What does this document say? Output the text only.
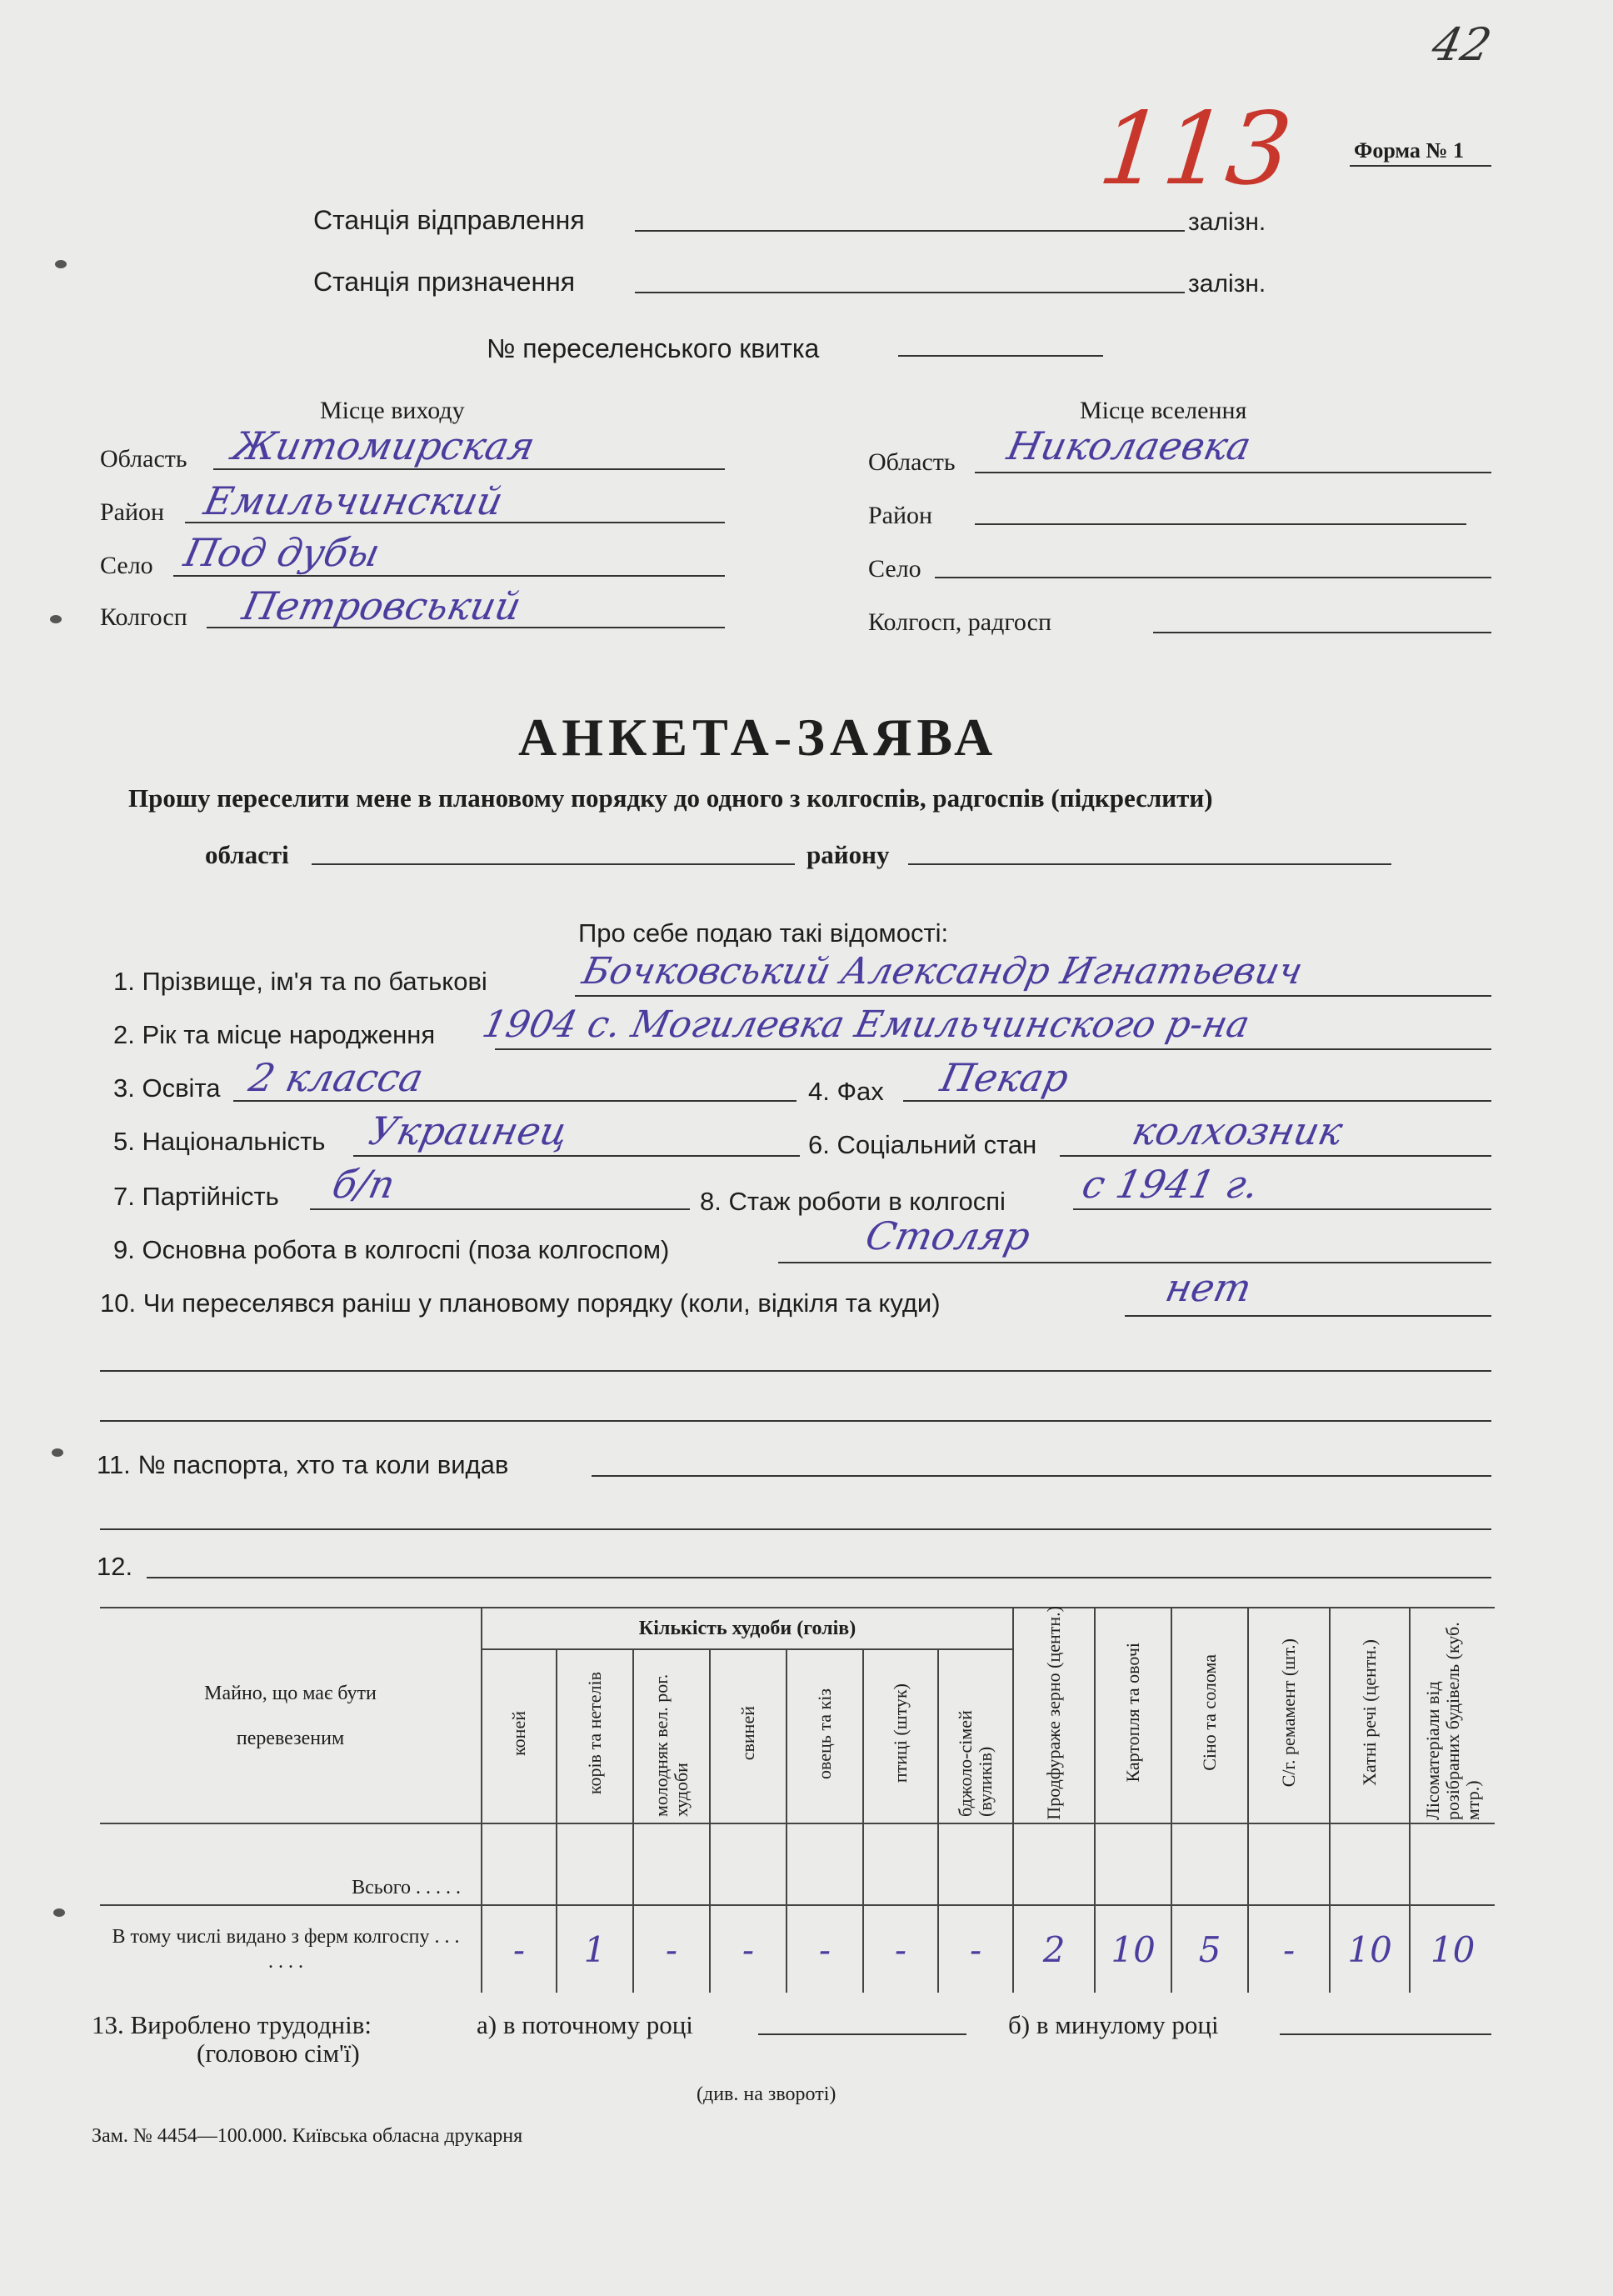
42
113	Форма № 1
Станція відправлення	залізн.
Станція призначення	залізн.
№ переселенського квитка
Місце виходу
Область Житомирская
Район Емильчинский
Село Под дубы
Колгосп Петровський
Місце вселення
Область Николаевка
Район
Село
Колгосп, радгосп
АНКЕТА-ЗАЯВА
Прошу переселити мене в плановому порядку до одного з колгоспів, радгоспів (підкреслити)
області	району
Про себе подаю такі відомості:
1. Прізвище, ім'я та по батькові Бочковський Александр Игнатьевич
2. Рік та місце народження 1904 с. Могилевка Емильчинского р-на
3. Освіта 2 класса	4. Фах Пекар
5. Національність Украинец	6. Соціальний стан колхозник
7. Партійність б/п	8. Стаж роботи в колгоспі с 1941 г.
9. Основна робота в колгоспі (поза колгоспом)	Столяр
10. Чи переселявся раніш у плановому порядку (коли, відкіля та куди)	нет
11. № паспорта, хто та коли видав
12.
Майно, що має бути перевезеним	Кількість худоби (голів)							Продфураже зерно (центн.)	Картопля та овочі	Сіно та солома	С/г. ремамент (шт.)	Хатні речі (центн.)	Лісоматеріали від розібраних будівель (куб. мтр.)
	коней	корів та нетелів	молодняк вел. рог. худоби	свиней	овець та кіз	птиці (штук)	бджоло-сімей (вуликів)						
Всього . . . . .													

В тому числі видано з ферм колгоспу . . . . . . .	-	1	-	-	-	-	-	2	10	5	-	10	10
13. Вироблено трудоднів:
(головою сім'ї)
а) в поточному році	б) в минулому році
(див. на звороті)
Зам. № 4454—100.000. Київська обласна друкарня
